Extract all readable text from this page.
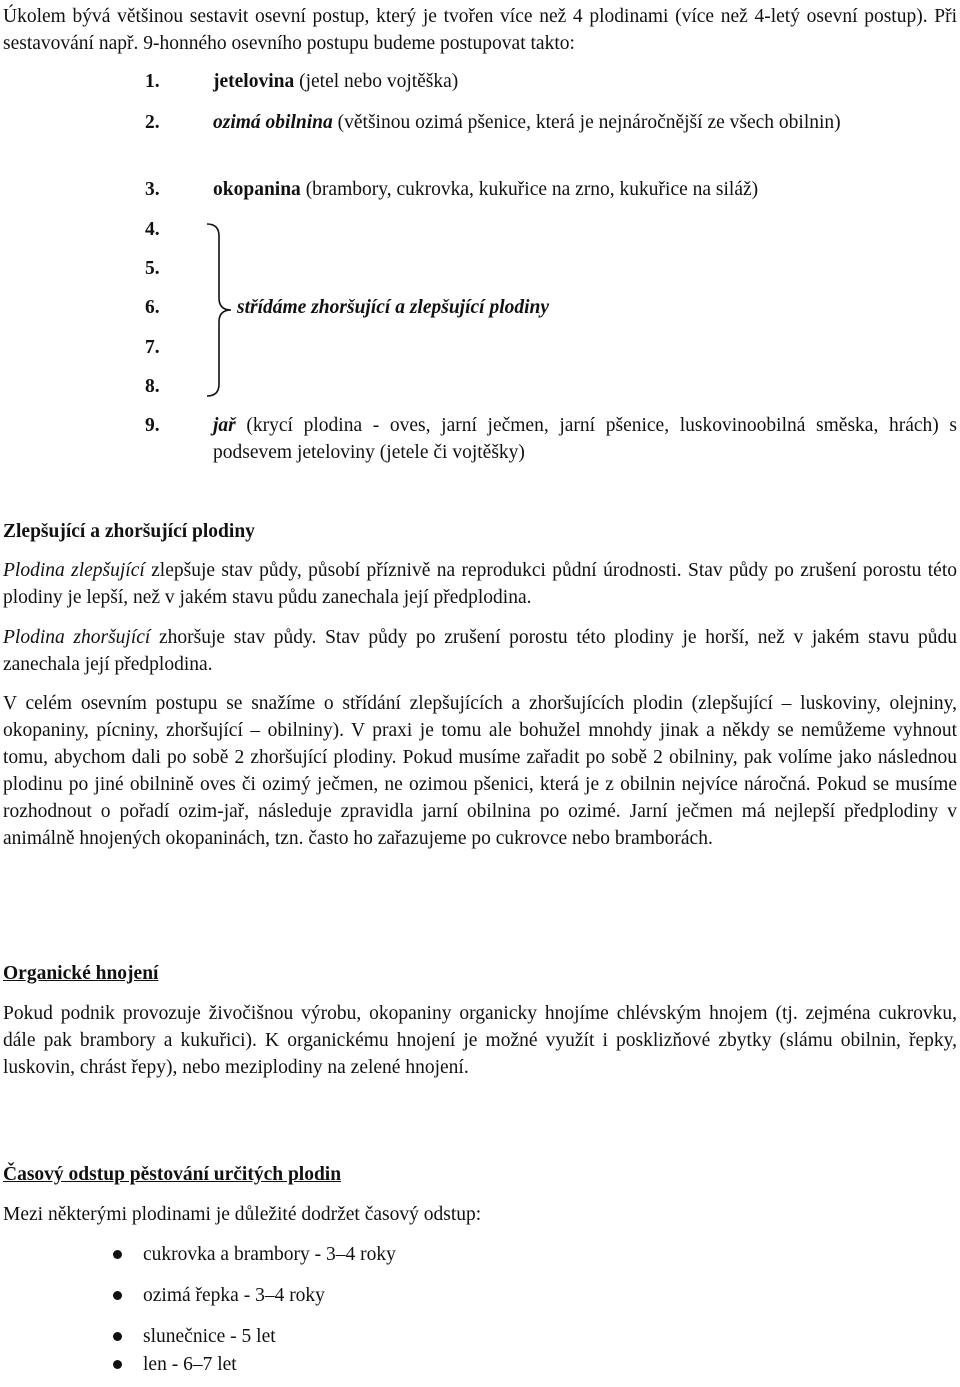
Úkolem bývá většinou sestavit osevní postup, který je tvořen více než 4 plodinami (více než 4-letý osevní postup). Při sestavování např. 9-honného osevního postupu budeme postupovat takto:

1.	jetelovina (jetel nebo vojtěška)
2.	ozimá obilnina (většinou ozimá pšenice, která je nejnáročnější ze všech obilnin)
3.	okopanina (brambory, cukrovka, kukuřice na zrno, kukuřice na siláž)
4.
5.
6.
7.
8.
střídáme zhoršující a zlepšující plodiny
9.	jař (krycí plodina - oves, jarní ječmen, jarní pšenice, luskovinoobilná směska, hrách) s podsevem jeteloviny (jetele či vojtěšky)
Zlepšující a zhoršující plodiny

Plodina zlepšující zlepšuje stav půdy, působí příznivě na reprodukci půdní úrodnosti. Stav půdy po zrušení porostu této plodiny je lepší, než v jakém stavu půdu zanechala její předplodina.

Plodina zhoršující zhoršuje stav půdy. Stav půdy po zrušení porostu této plodiny je horší, než v jakém stavu půdu zanechala její předplodina.

V celém osevním postupu se snažíme o střídání zlepšujících a zhoršujících plodin (zlepšující – luskoviny, olejniny, okopaniny, pícniny, zhoršující – obilniny). V praxi je tomu ale bohužel mnohdy jinak a někdy se nemůžeme vyhnout tomu, abychom dali po sobě 2 zhoršující plodiny. Pokud musíme zařadit po sobě 2 obilniny, pak volíme jako následnou plodinu po jiné obilnině oves či ozimý ječmen, ne ozimou pšenici, která je z obilnin nejvíce náročná. Pokud se musíme rozhodnout o pořadí ozim-jař, následuje zpravidla jarní obilnina po ozimé. Jarní ječmen má nejlepší předplodiny v animálně hnojených okopaninách, tzn. často ho zařazujeme po cukrovce nebo bramborách.

Organické hnojení

Pokud podnik provozuje živočišnou výrobu, okopaniny organicky hnojíme chlévským hnojem (tj. zejména cukrovku, dále pak brambory a kukuřici). K organickému hnojení je možné využít i posklizňové zbytky (slámu obilnin, řepky, luskovin, chrást řepy), nebo meziplodiny na zelené hnojení.

Časový odstup pěstování určitých plodin

Mezi některými plodinami je důležité dodržet časový odstup:

cukrovka a brambory - 3–4 roky
ozimá řepka - 3–4 roky
slunečnice - 5 let
len - 6–7 let
